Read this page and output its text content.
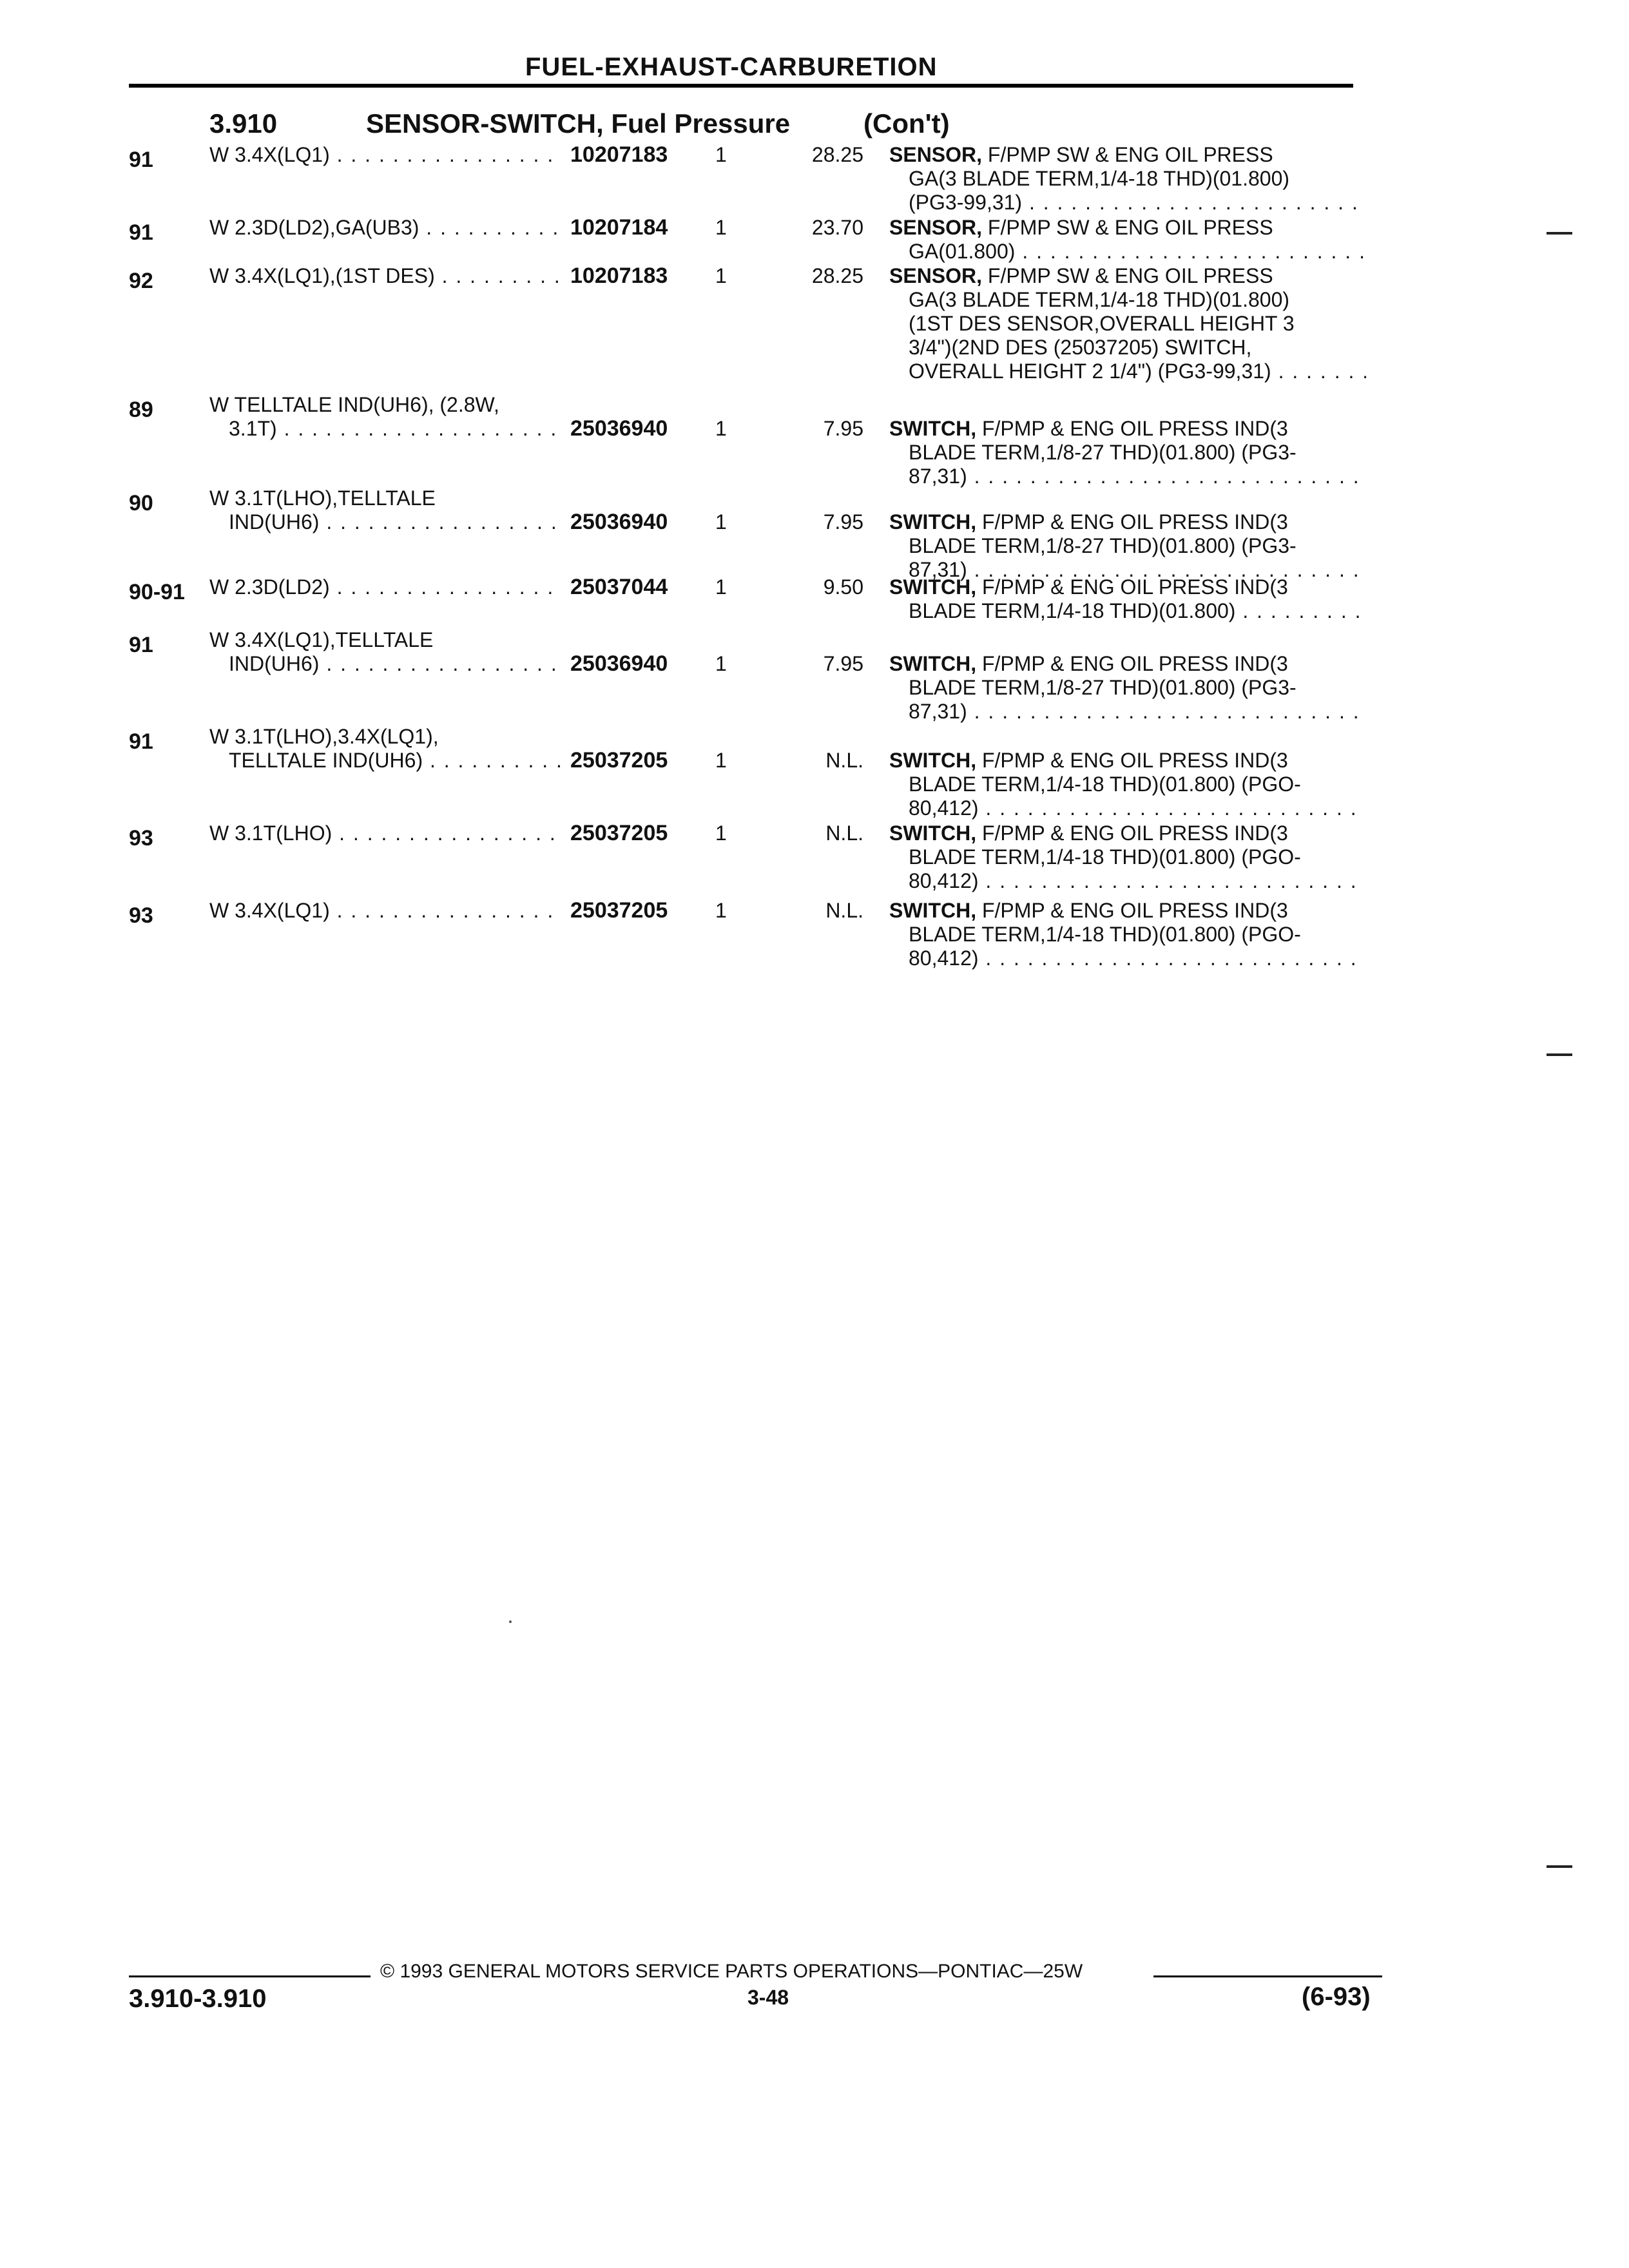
FUEL-EXHAUST-CARBURETION
3.910	SENSOR-SWITCH, Fuel Pressure	(Con't)
91	W 3.4X(LQ1) . . .	10207183 1	28.25 SENSOR, F/PMP SW & ENG OIL PRESS
GA(3 BLADE TERM,1/4-18 THD)(01.800)
(PG3-99,31) . . .
91	W 2.3D(LD2),GA(UB3) . . .	10207184 1	23.70 SENSOR, F/PMP SW & ENG OIL PRESS
GA(01.800) . . .
92	W 3.4X(LQ1),(1ST DES) . . .	10207183 1	28.25 SENSOR, F/PMP SW & ENG OIL PRESS
GA(3 BLADE TERM,1/4-18 THD)(01.800)
(1ST DES SENSOR,OVERALL HEIGHT 3
3/4")(2ND DES (25037205) SWITCH,
OVERALL HEIGHT 2 1/4") (PG3-99,31) . . .
89	W TELLTALE IND(UH6), (2.8W,
3.1T) . . .	25036940 1	7.95 SWITCH, F/PMP & ENG OIL PRESS IND(3
BLADE TERM,1/8-27 THD)(01.800) (PG3-
87,31) . . .
90	W 3.1T(LHO),TELLTALE
IND(UH6) . . .	25036940 1	7.95 SWITCH, F/PMP & ENG OIL PRESS IND(3
BLADE TERM,1/8-27 THD)(01.800) (PG3-
87,31) . . .
90-91 W 2.3D(LD2) . . .	25037044 1	9.50 SWITCH, F/PMP & ENG OIL PRESS IND(3
BLADE TERM,1/4-18 THD)(01.800) . . .
91	W 3.4X(LQ1),TELLTALE
IND(UH6) . . .	25036940 1	7.95 SWITCH, F/PMP & ENG OIL PRESS IND(3
BLADE TERM,1/8-27 THD)(01.800) (PG3-
87,31) . . .
91	W 3.1T(LHO),3.4X(LQ1),
TELLTALE IND(UH6) . . .	25037205 1	N.L. SWITCH, F/PMP & ENG OIL PRESS IND(3
BLADE TERM,1/4-18 THD)(01.800) (PGO-
80,412) . . .
93	W 3.1T(LHO) . . .	25037205 1	N.L. SWITCH, F/PMP & ENG OIL PRESS IND(3
BLADE TERM,1/4-18 THD)(01.800) (PGO-
80,412) . . .
93	W 3.4X(LQ1) . . .	25037205 1	N.L. SWITCH, F/PMP & ENG OIL PRESS IND(3
BLADE TERM,1/4-18 THD)(01.800) (PGO-
80,412) . . .
© 1993 GENERAL MOTORS SERVICE PARTS OPERATIONS—PONTIAC—25W
3.910-3.910	3-48	(6-93)
